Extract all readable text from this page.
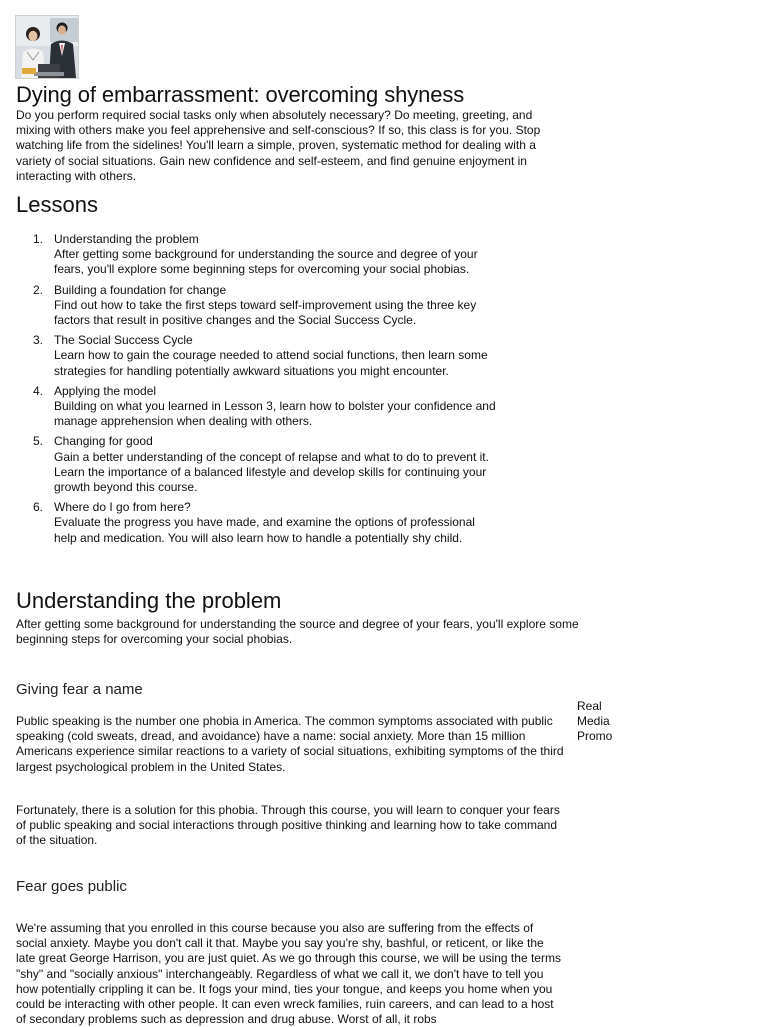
Dying of embarrassment: overcoming shyness

Do you perform required social tasks only when absolutely necessary? Do meeting, greeting, and mixing with others make you feel apprehensive and self-conscious? If so, this class is for you. Stop watching life from the sidelines! You'll learn a simple, proven, systematic method for dealing with a variety of social situations. Gain new confidence and self-esteem, and find genuine enjoyment in interacting with others.

Lessons
1. Understanding the problem
After getting some background for understanding the source and degree of your fears, you'll explore some beginning steps for overcoming your social phobias.
2. Building a foundation for change
Find out how to take the first steps toward self-improvement using the three key factors that result in positive changes and the Social Success Cycle.
3. The Social Success Cycle
Learn how to gain the courage needed to attend social functions, then learn some strategies for handling potentially awkward situations you might encounter.
4. Applying the model
Building on what you learned in Lesson 3, learn how to bolster your confidence and manage apprehension when dealing with others.
5. Changing for good
Gain a better understanding of the concept of relapse and what to do to prevent it. Learn the importance of a balanced lifestyle and develop skills for continuing your growth beyond this course.
6. Where do I go from here?
Evaluate the progress you have made, and examine the options of professional help and medication. You will also learn how to handle a potentially shy child.
Understanding the problem

After getting some background for understanding the source and degree of your fears, you'll explore some beginning steps for overcoming your social phobias.

Giving fear a name

Public speaking is the number one phobia in America. The common symptoms associated with public speaking (cold sweats, dread, and avoidance) have a name: social anxiety. More than 15 million Americans experience similar reactions to a variety of social situations, exhibiting symptoms of the third largest psychological problem in the United States.

Fortunately, there is a solution for this phobia. Through this course, you will learn to conquer your fears of public speaking and social interactions through positive thinking and learning how to take command of the situation.

Real
Media
Promo
Fear goes public

We're assuming that you enrolled in this course because you also are suffering from the effects of social anxiety. Maybe you don't call it that. Maybe you say you're shy, bashful, or reticent, or like the late great George Harrison, you are just quiet. As we go through this course, we will be using the terms "shy" and "socially anxious" interchangeably. Regardless of what we call it, we don't have to tell you how potentially crippling it can be. It fogs your mind, ties your tongue, and keeps you home when you could be interacting with other people. It can even wreck families, ruin careers, and can lead to a host of secondary problems such as depression and drug abuse. Worst of all, it robs
